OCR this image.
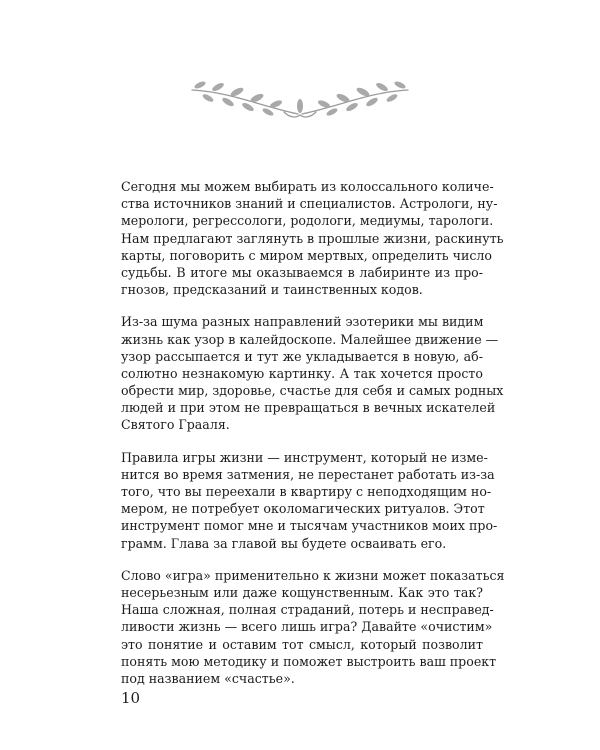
Сегодня мы можем выбирать из колоссального количе-
ства источников знаний и специалистов. Астрологи, ну-
мерологи, регрессологи, родологи, медиумы, тарологи.
Нам предлагают заглянуть в прошлые жизни, раскинуть
карты, поговорить с миром мертвых, определить число
судьбы. В итоге мы оказываемся в лабиринте из про-
гнозов, предсказаний и таинственных кодов.

Из-за шума разных направлений эзотерики мы видим
жизнь как узор в калейдоскопе. Малейшее движение —
узор рассыпается и тут же укладывается в новую, аб-
солютно незнакомую картинку. А так хочется просто
обрести мир, здоровье, счастье для себя и самых родных
людей и при этом не превращаться в вечных искателей
Святого Грааля.

Правила игры жизни — инструмент, который не изме-
нится во время затмения, не перестанет работать из-за
того, что вы переехали в квартиру с неподходящим но-
мером, не потребует околомагических ритуалов. Этот
инструмент помог мне и тысячам участников моих про-
грамм. Глава за главой вы будете осваивать его.

Слово «игра» применительно к жизни может показаться
несерьезным или даже кощунственным. Как это так?
Наша сложная, полная страданий, потерь и несправед-
ливости жизнь — всего лишь игра? Давайте «очистим»
это понятие и оставим тот смысл, который позволит
понять мою методику и поможет выстроить ваш проект
под названием «счастье».

10
